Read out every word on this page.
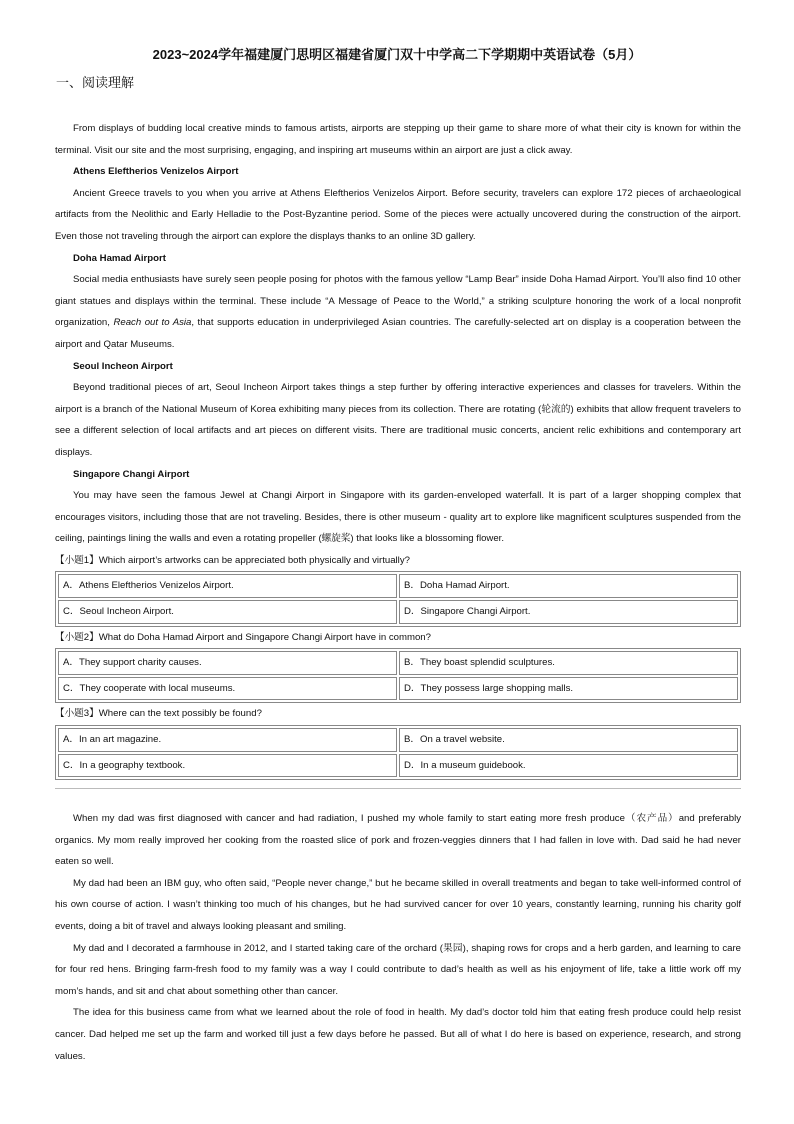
2023~2024学年福建厦门思明区福建省厦门双十中学高二下学期期中英语试卷（5月）
一、阅读理解

From displays of budding local creative minds to famous artists, airports are stepping up their game to share more of what their city is known for within the terminal. Visit our site and the most surprising, engaging, and inspiring art museums within an airport are just a click away.

Athens Eleftherios Venizelos Airport

Ancient Greece travels to you when you arrive at Athens Eleftherios Venizelos Airport. Before security, travelers can explore 172 pieces of archaeological artifacts from the Neolithic and Early Helladie to the Post-Byzantine period. Some of the pieces were actually uncovered during the construction of the airport. Even those not traveling through the airport can explore the displays thanks to an online 3D gallery.

Doha Hamad Airport

Social media enthusiasts have surely seen people posing for photos with the famous yellow “Lamp Bear” inside Doha Hamad Airport. You’ll also find 10 other giant statues and displays within the terminal. These include “A Message of Peace to the World,” a striking sculpture honoring the work of a local nonprofit organization, Reach out to Asia, that supports education in underprivileged Asian countries. The carefully-selected art on display is a cooperation between the airport and Qatar Museums.

Seoul Incheon Airport

Beyond traditional pieces of art, Seoul Incheon Airport takes things a step further by offering interactive experiences and classes for travelers. Within the airport is a branch of the National Museum of Korea exhibiting many pieces from its collection. There are rotating (轮流的) exhibits that allow frequent travelers to see a different selection of local artifacts and art pieces on different visits. There are traditional music concerts, ancient relic exhibitions and contemporary art displays.

Singapore Changi Airport

You may have seen the famous Jewel at Changi Airport in Singapore with its garden-enveloped waterfall. It is part of a larger shopping complex that encourages visitors, including those that are not traveling. Besides, there is other museum - quality art to explore like magnificent sculptures suspended from the ceiling, paintings lining the walls and even a rotating propeller (螺旋桨) that looks like a blossoming flower.

【小题1】Which airport’s artworks can be appreciated both physically and virtually?

A．Athens Eleftherios Venizelos Airport.	B．Doha Hamad Airport.
C．Seoul Incheon Airport.	D．Singapore Changi Airport.

【小题2】What do Doha Hamad Airport and Singapore Changi Airport have in common?

A．They support charity causes.	B．They boast splendid sculptures.
C．They cooperate with local museums.	D．They possess large shopping malls.

【小题3】Where can the text possibly be found?

A．In an art magazine.	B．On a travel website.
C．In a geography textbook.	D．In a museum guidebook.

When my dad was first diagnosed with cancer and had radiation, I pushed my whole family to start eating more fresh produce（农产品）and preferably organics. My mom really improved her cooking from the roasted slice of pork and frozen-veggies dinners that I had fallen in love with. Dad said he had never eaten so well.

My dad had been an IBM guy, who often said, “People never change,” but he became skilled in overall treatments and began to take well-informed control of his own course of action. I wasn’t thinking too much of his changes, but he had survived cancer for over 10 years, constantly learning, running his charity golf events, doing a bit of travel and always looking pleasant and smiling.

My dad and I decorated a farmhouse in 2012, and I started taking care of the orchard (果园), shaping rows for crops and a herb garden, and learning to care for four red hens. Bringing farm-fresh food to my family was a way I could contribute to dad’s health as well as his enjoyment of life, take a little work off my mom’s hands, and sit and chat about something other than cancer.

The idea for this business came from what we learned about the role of food in health. My dad’s doctor told him that eating fresh produce could help resist cancer. Dad helped me set up the farm and worked till just a few days before he passed. But all of what I do here is based on experience, research, and strong values.
